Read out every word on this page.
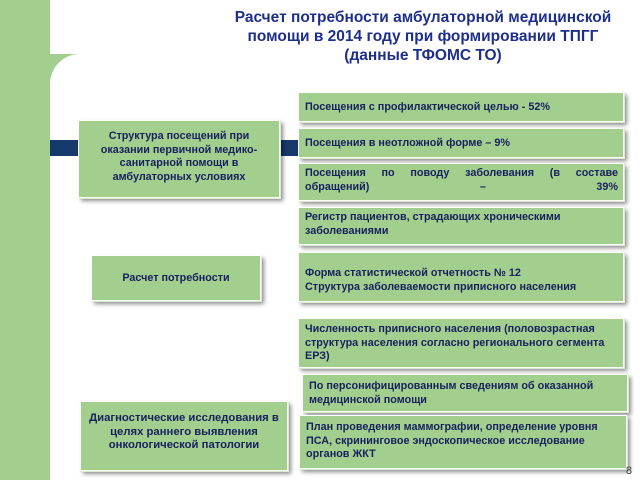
Расчет потребности амбулаторной медицинской
помощи в 2014 году при формировании ТПГГ
(данные ТФОМС ТО)
Структура посещений при оказании первичной медико-санитарной помощи в амбулаторных условиях
Расчет потребности
Диагностические исследования в целях раннего выявления онкологической патологии
Посещения с профилактической целью - 52%
Посещения в неотложной форме – 9%
Посещения по поводу заболевания (в составе обращений) – 39%
Регистр пациентов, страдающих хроническими заболеваниями
Форма статистической отчетность № 12
Структура заболеваемости приписного населения
Численность приписного населения (половозрастная структура населения согласно регионального сегмента ЕРЗ)
По персонифицированным сведениям об оказанной медицинской помощи
План проведения маммографии, определение уровня ПСА, скрининговое эндоскопическое исследование органов ЖКТ
8
